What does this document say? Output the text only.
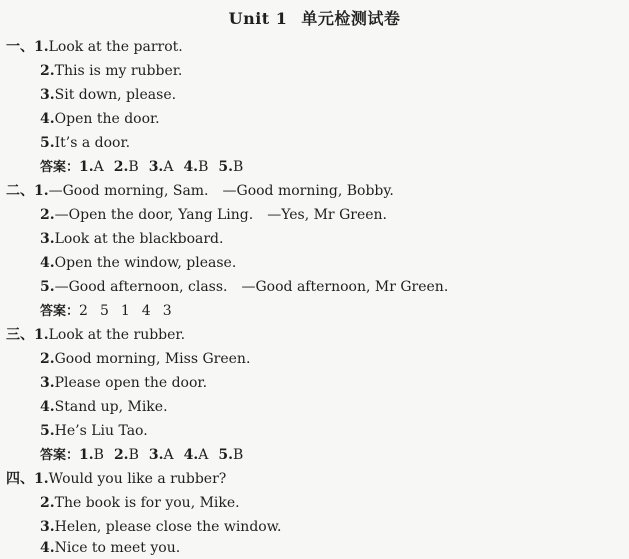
Unit 1 单元检测试卷
一、1.Look at the parrot.
2.This is my rubber.
3.Sit down, please.
4.Open the door.
5.It’s a door.
答案：1.A 2.B 3.A 4.B 5.B
二、1.—Good morning, Sam. —Good morning, Bobby.
2.—Open the door, Yang Ling. —Yes, Mr Green.
3.Look at the blackboard.
4.Open the window, please.
5.—Good afternoon, class. —Good afternoon, Mr Green.
答案：2 5 1 4 3
三、1.Look at the rubber.
2.Good morning, Miss Green.
3.Please open the door.
4.Stand up, Mike.
5.He’s Liu Tao.
答案：1.B 2.B 3.A 4.A 5.B
四、1.Would you like a rubber?
2.The book is for you, Mike.
3.Helen, please close the window.
4.Nice to meet you.
